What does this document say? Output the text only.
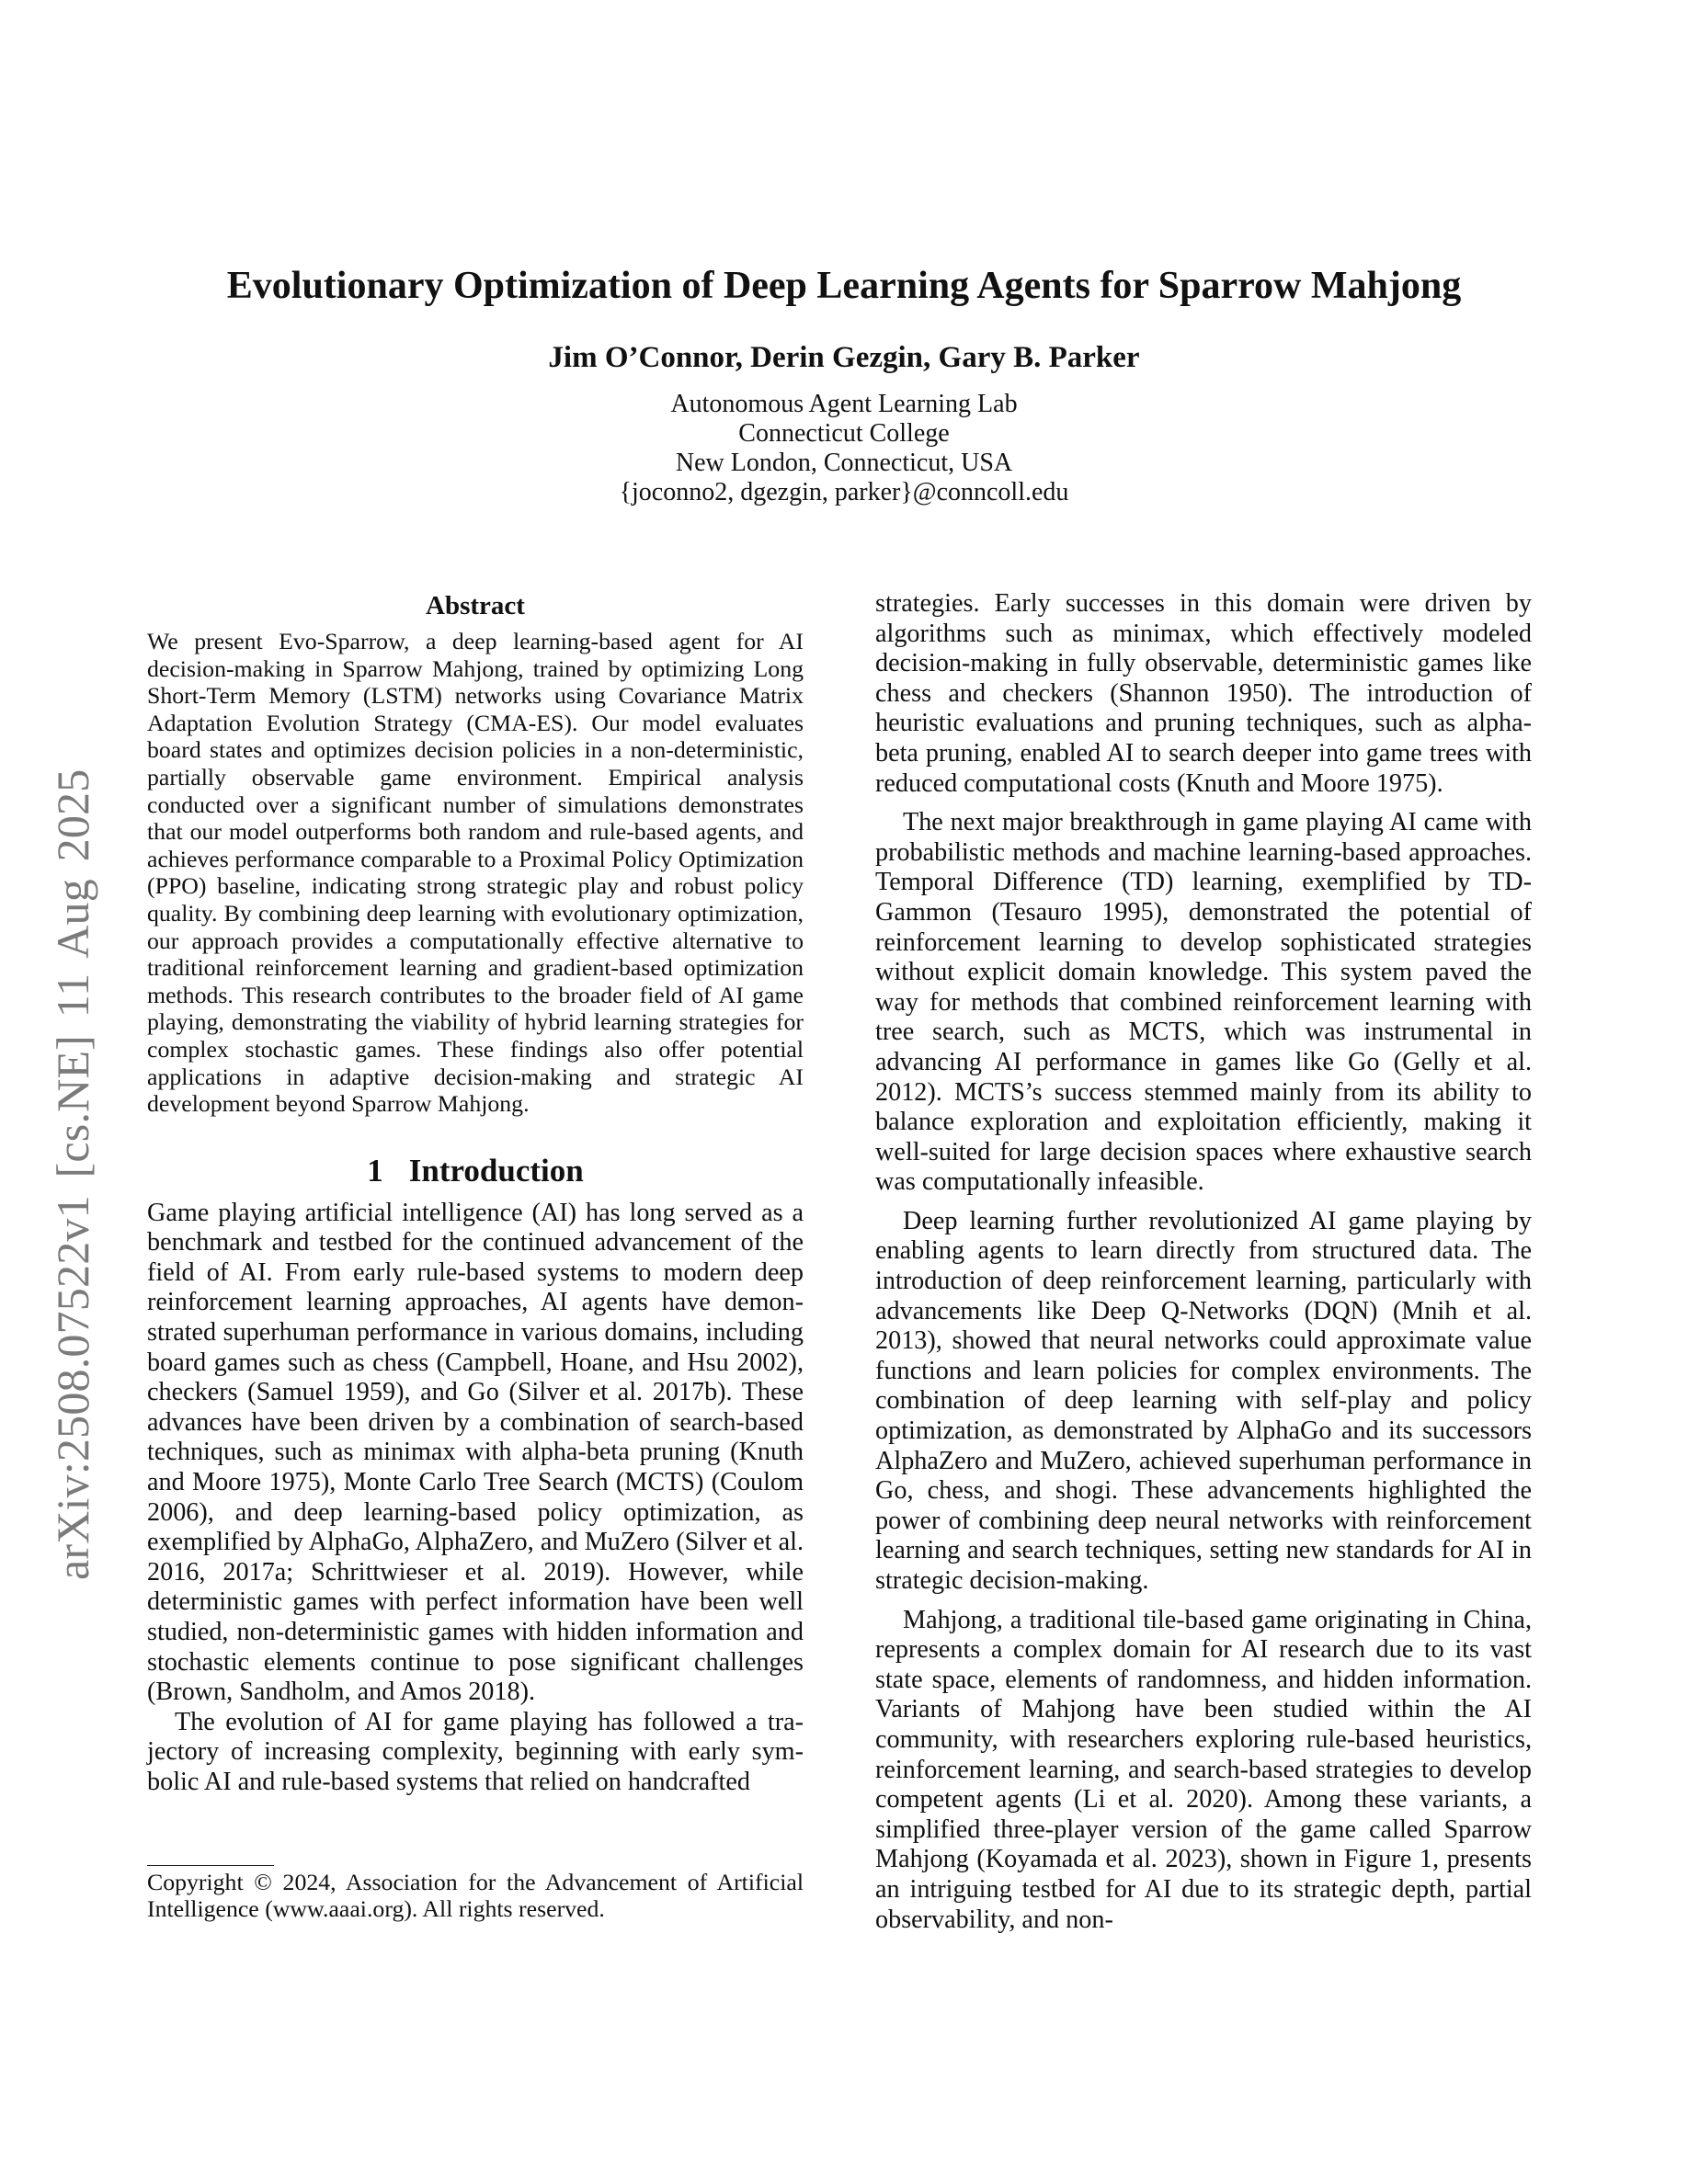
arXiv:2508.07522v1 [cs.NE] 11 Aug 2025
Evolutionary Optimization of Deep Learning Agents for Sparrow Mahjong
Jim O’Connor, Derin Gezgin, Gary B. Parker
Autonomous Agent Learning Lab
Connecticut College
New London, Connecticut, USA
{joconno2, dgezgin, parker}@conncoll.edu
Abstract

We present Evo-Sparrow, a deep learning-based agent for AI decision-making in Sparrow Mahjong, trained by optimizing Long Short-Term Memory (LSTM) networks using Covariance Matrix Adaptation Evolution Strategy (CMA-ES). Our model evaluates board states and optimizes decision policies in a non-deterministic, partially observable game environment. Empirical analysis conducted over a significant number of simulations demonstrates that our model outperforms both random and rule-based agents, and achieves performance comparable to a Proximal Policy Optimization (PPO) baseline, indicating strong strategic play and robust policy quality. By combining deep learning with evolutionary optimization, our approach provides a computationally effective alternative to traditional reinforcement learning and gradient-based optimization methods. This research contributes to the broader field of AI game playing, demonstrating the viability of hybrid learning strategies for complex stochastic games. These findings also offer potential applications in adaptive decision-making and strategic AI development beyond Sparrow Mahjong.

1 Introduction

Game playing artificial intelligence (AI) has long served as a benchmark and testbed for the continued advancement of the field of AI. From early rule-based systems to modern deep reinforcement learning approaches, AI agents have demonstrated superhuman performance in various domains, including board games such as chess (Campbell, Hoane, and Hsu 2002), checkers (Samuel 1959), and Go (Silver et al. 2017b). These advances have been driven by a combination of search-based techniques, such as minimax with alpha-beta pruning (Knuth and Moore 1975), Monte Carlo Tree Search (MCTS) (Coulom 2006), and deep learning-based policy optimization, as exemplified by AlphaGo, AlphaZero, and MuZero (Silver et al. 2016, 2017a; Schrittwieser et al. 2019). However, while deterministic games with perfect information have been well studied, non-deterministic games with hidden information and stochastic elements continue to pose significant challenges (Brown, Sandholm, and Amos 2018).

The evolution of AI for game playing has followed a trajectory of increasing complexity, beginning with early symbolic AI and rule-based systems that relied on handcrafted

Copyright © 2024, Association for the Advancement of Artificial Intelligence (www.aaai.org). All rights reserved.

strategies. Early successes in this domain were driven by algorithms such as minimax, which effectively modeled decision-making in fully observable, deterministic games like chess and checkers (Shannon 1950). The introduction of heuristic evaluations and pruning techniques, such as alpha-beta pruning, enabled AI to search deeper into game trees with reduced computational costs (Knuth and Moore 1975).

The next major breakthrough in game playing AI came with probabilistic methods and machine learning-based approaches. Temporal Difference (TD) learning, exemplified by TD-Gammon (Tesauro 1995), demonstrated the potential of reinforcement learning to develop sophisticated strategies without explicit domain knowledge. This system paved the way for methods that combined reinforcement learning with tree search, such as MCTS, which was instrumental in advancing AI performance in games like Go (Gelly et al. 2012). MCTS’s success stemmed mainly from its ability to balance exploration and exploitation efficiently, making it well-suited for large decision spaces where exhaustive search was computationally infeasible.

Deep learning further revolutionized AI game playing by enabling agents to learn directly from structured data. The introduction of deep reinforcement learning, particularly with advancements like Deep Q-Networks (DQN) (Mnih et al. 2013), showed that neural networks could approximate value functions and learn policies for complex environments. The combination of deep learning with self-play and policy optimization, as demonstrated by AlphaGo and its successors AlphaZero and MuZero, achieved superhuman performance in Go, chess, and shogi. These advancements highlighted the power of combining deep neural networks with reinforcement learning and search techniques, setting new standards for AI in strategic decision-making.

Mahjong, a traditional tile-based game originating in China, represents a complex domain for AI research due to its vast state space, elements of randomness, and hidden information. Variants of Mahjong have been studied within the AI community, with researchers exploring rule-based heuristics, reinforcement learning, and search-based strategies to develop competent agents (Li et al. 2020). Among these variants, a simplified three-player version of the game called Sparrow Mahjong (Koyamada et al. 2023), shown in Figure 1, presents an intriguing testbed for AI due to its strategic depth, partial observability, and non-
